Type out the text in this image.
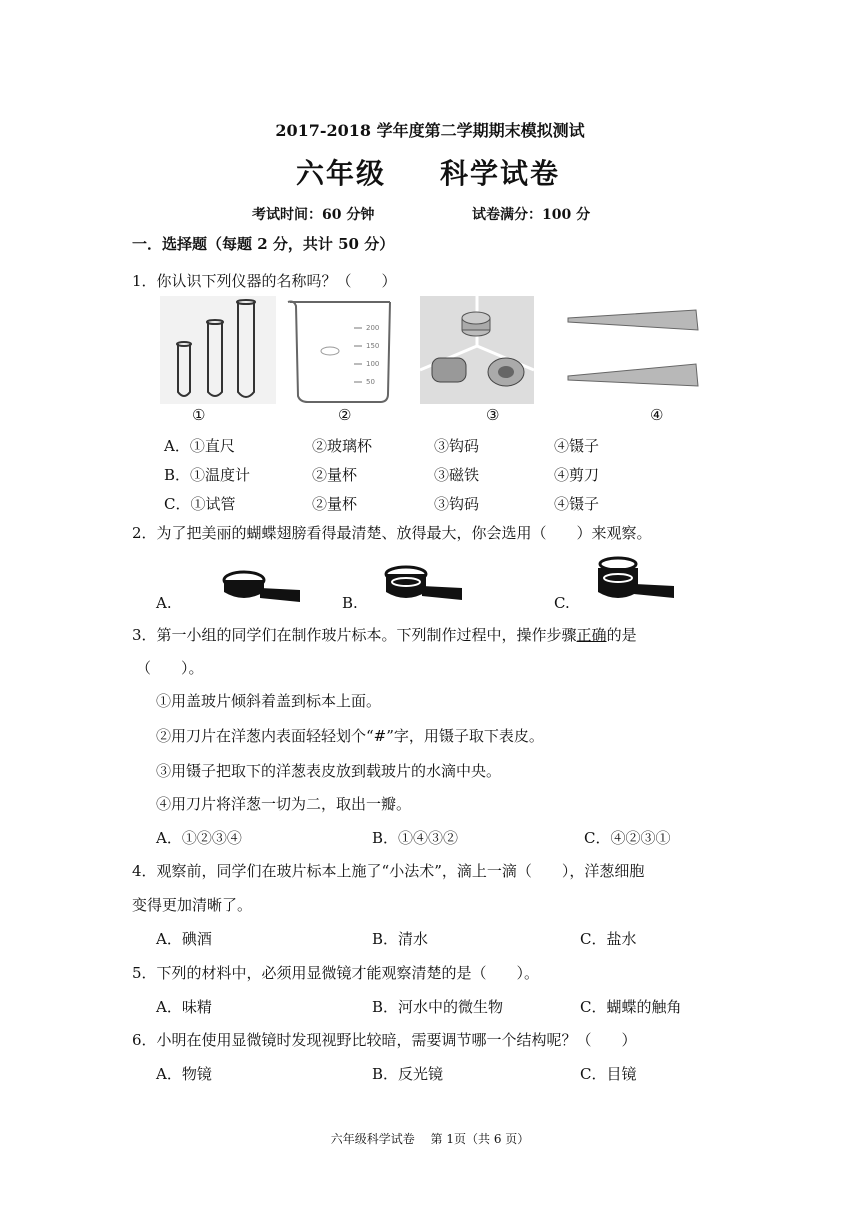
2017-2018 学年度第二学期期末模拟测试
六年级 科学试卷
考试时间：60 分钟	试卷满分：100 分
一．选择题（每题 2 分，共计 50 分）
1．你认识下列仪器的名称吗？（　　）
200
150
100
50
①	②	③	④
A．①直尺	②玻璃杯	③钩码	④镊子
B．①温度计	②量杯	③磁铁	④剪刀
C．①试管	②量杯	③钩码	④镊子
2．为了把美丽的蝴蝶翅膀看得最清楚、放得最大，你会选用（　　）来观察。
A.	B.	C.
3．第一小组的同学们在制作玻片标本。下列制作过程中，操作步骤正确的是
（　　）。
①用盖玻片倾斜着盖到标本上面。
②用刀片在洋葱内表面轻轻划个“#”字，用镊子取下表皮。
③用镊子把取下的洋葱表皮放到载玻片的水滴中央。
④用刀片将洋葱一切为二，取出一瓣。
A．①②③④	B．①④③②	C．④②③①
4．观察前，同学们在玻片标本上施了“小法术”，滴上一滴（　　），洋葱细胞
变得更加清晰了。
A．碘酒	B．清水	C．盐水
5．下列的材料中，必须用显微镜才能观察清楚的是（　　）。
A．味精	B．河水中的微生物	C．蝴蝶的触角
6．小明在使用显微镜时发现视野比较暗，需要调节哪一个结构呢？（　　）
A．物镜	B．反光镜	C．目镜
六年级科学试卷　 第 1页（共 6 页）
